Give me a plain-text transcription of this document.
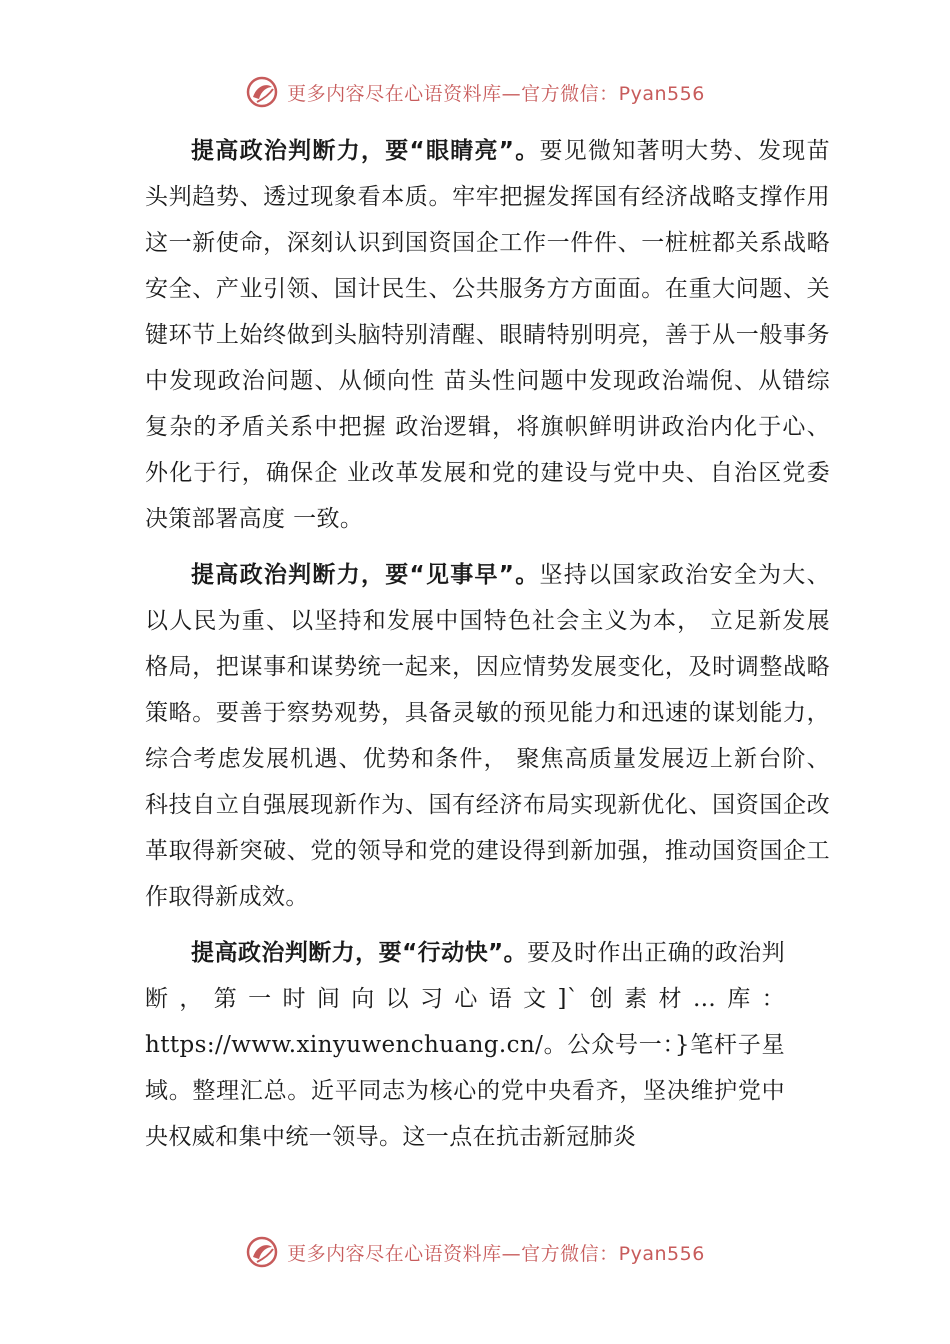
更多内容尽在心语资料库—官方微信：Pyan556

提高政治判断力，要“眼睛亮”。要见微知著明大势、发现苗头判趋势、透过现象看本质。牢牢把握发挥国有经济战略支撑作用这一新使命，深刻认识到国资国企工作一件件、一桩桩都关系战略安全、产业引领、国计民生、公共服务方方面面。在重大问题、关键环节上始终做到头脑特别清醒、眼睛特别明亮，善于从一般事务中发现政治问题、从倾向性 苗头性问题中发现政治端倪、从错综复杂的矛盾关系中把握 政治逻辑，将旗帜鲜明讲政治内化于心、外化于行，确保企 业改革发展和党的建设与党中央、自治区党委决策部署高度 一致。

提高政治判断力，要“见事早”。坚持以国家政治安全为大、以人民为重、以坚持和发展中国特色社会主义为本， 立足新发展格局，把谋事和谋势统一起来，因应情势发展变化，及时调整战略策略。要善于察势观势，具备灵敏的预见能力和迅速的谋划能力，综合考虑发展机遇、优势和条件， 聚焦高质量发展迈上新台阶、科技自立自强展现新作为、国有经济布局实现新优化、国资国企改革取得新突破、党的领导和党的建设得到新加强，推动国资国企工作取得新成效。

提高政治判断力，要“行动快”。要及时作出正确的政治判断，第一时间向以习心语文]`创素材…库：https://www.xinyuwenchuang.cn/。公众号一：}笔杆子星域。整理汇总。近平同志为核心的党中央看齐，坚决维护党中央权威和集中统一领导。这一点在抗击新冠肺炎

更多内容尽在心语资料库—官方微信：Pyan556
